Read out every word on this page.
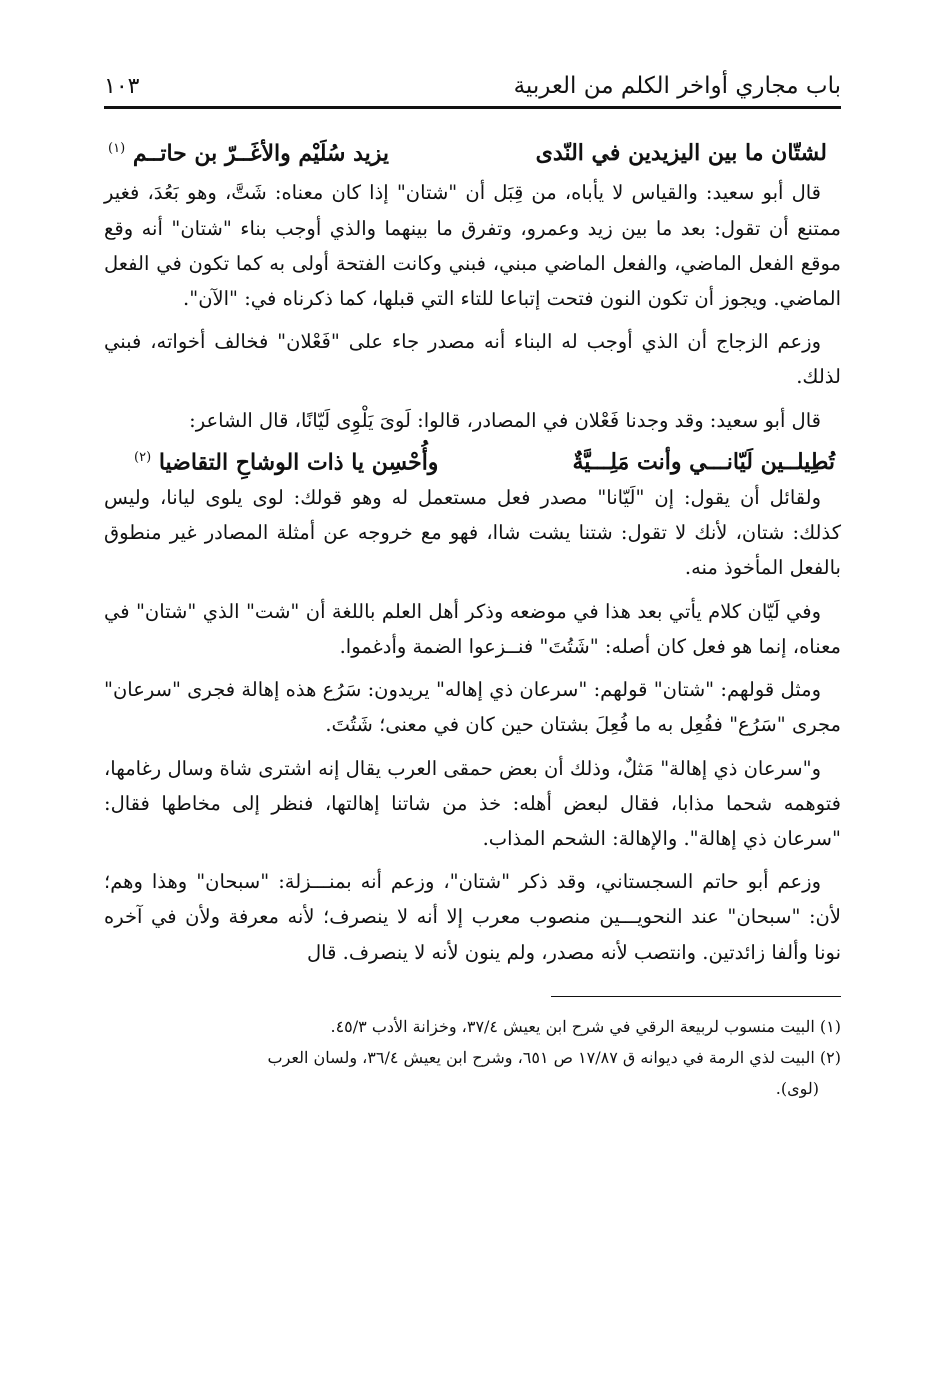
باب مجاري أواخر الكلم من العربية
١٠٣
لشتّان ما بين اليزيدين في النّدى
يزيد سُلَيْم والأغَــرّ بن حاتــم $^{(١)}$

قال أبو سعيد: والقياس لا يأباه، من قِبَل أن "شتان" إذا كان معناه: شَتَّ، وهو بَعُدَ، فغير ممتنع أن تقول: بعد ما بين زيد وعمرو، وتفرق ما بينهما والذي أوجب بناء "شتان" أنه وقع موقع الفعل الماضي، والفعل الماضي مبني، فبني وكانت الفتحة أولى به كما تكون في الفعل الماضي. ويجوز أن تكون النون فتحت إتباعا للتاء التي قبلها، كما ذكرناه في: "الآن".

وزعم الزجاج أن الذي أوجب له البناء أنه مصدر جاء على "فَعْلان" فخالف أخواته، فبني لذلك.

قال أبو سعيد: وقد وجدنا فَعْلان في المصادر، قالوا: لَوىَ يَلْوِى لَيّانًا، قال الشاعر:

تُطِيلــين لَيّانـــي وأنت مَلِـــيَّةٌ
وأُحْسِن يا ذات الوشاحِ التقاضيا $^{(٢)}$

ولقائل أن يقول: إن "لَيّانا" مصدر فعل مستعمل له وهو قولك: لوى يلوى ليانا، وليس كذلك: شتان، لأنك لا تقول: شتنا يشت شاا، فهو مع خروجه عن أمثلة المصادر غير منطوق بالفعل المأخوذ منه.

وفي لَيّان كلام يأتي بعد هذا في موضعه وذكر أهل العلم باللغة أن "شت" الذي "شتان" في معناه، إنما هو فعل كان أصله: "شَتُتَ" فنــزعوا الضمة وأدغموا.

ومثل قولهم: "شتان" قولهم: "سرعان ذي إهاله" يريدون: سَرُع هذه إهالة فجرى "سرعان" مجرى "سَرُع" ففُعِل به ما فُعِلَ بشتان حين كان في معنى؛ شَتُتَ.

و"سرعان ذي إهالة" مَثلٌ، وذلك أن بعض حمقى العرب يقال إنه اشترى شاة وسال رغامها، فتوهمه شحما مذابا، فقال لبعض أهله: خذ من شاتنا إهالتها، فنظر إلى مخاطها فقال: "سرعان ذي إهالة". والإهالة: الشحم المذاب.

وزعم أبو حاتم السجستاني، وقد ذكر "شتان"، وزعم أنه بمنـــزلة: "سبحان" وهذا وهم؛ لأن: "سبحان" عند النحويـــين منصوب معرب إلا أنه لا ينصرف؛ لأنه معرفة ولأن في آخره نونا وألفا زائدتين. وانتصب لأنه مصدر، ولم ينون لأنه لا ينصرف. قال

(١) البيت منسوب لربيعة الرقي في شرح ابن يعيش ٣٧/٤، وخزانة الأدب ٤٥/٣.

(٢) البيت لذي الرمة في ديوانه ق ١٧/٨٧ ص ٦٥١، وشرح ابن يعيش ٣٦/٤، ولسان العرب
(لوى).
